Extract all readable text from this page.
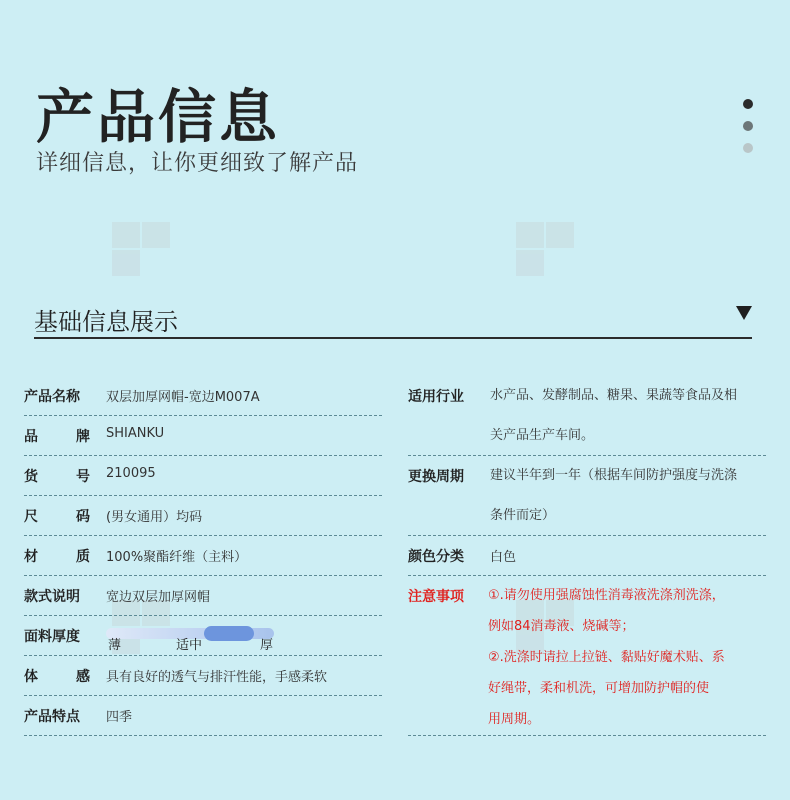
产品信息
详细信息，让你更细致了解产品
基础信息展示
产品名称 双层加厚网帽-宽边M007A
品	牌 SHIANKU
货	号 210095
尺	码 (男女通用）均码
材	质 100%聚酯纤维（主料）
款式说明 宽边双层加厚网帽
面料厚度
薄	适中	厚
体	感 具有良好的透气与排汗性能，手感柔软
产品特点 四季
适用行业 水产品、发酵制品、糖果、果蔬等食品及相
关产品生产车间。
更换周期 建议半年到一年（根据车间防护强度与洗涤
条件而定）
颜色分类 白色
注意事项 ①.请勿使用强腐蚀性消毒液洗涤剂洗涤，
例如84消毒液、烧碱等；
②.洗涤时请拉上拉链、黏贴好魔术贴、系
好绳带，柔和机洗，可增加防护帽的使
用周期。
